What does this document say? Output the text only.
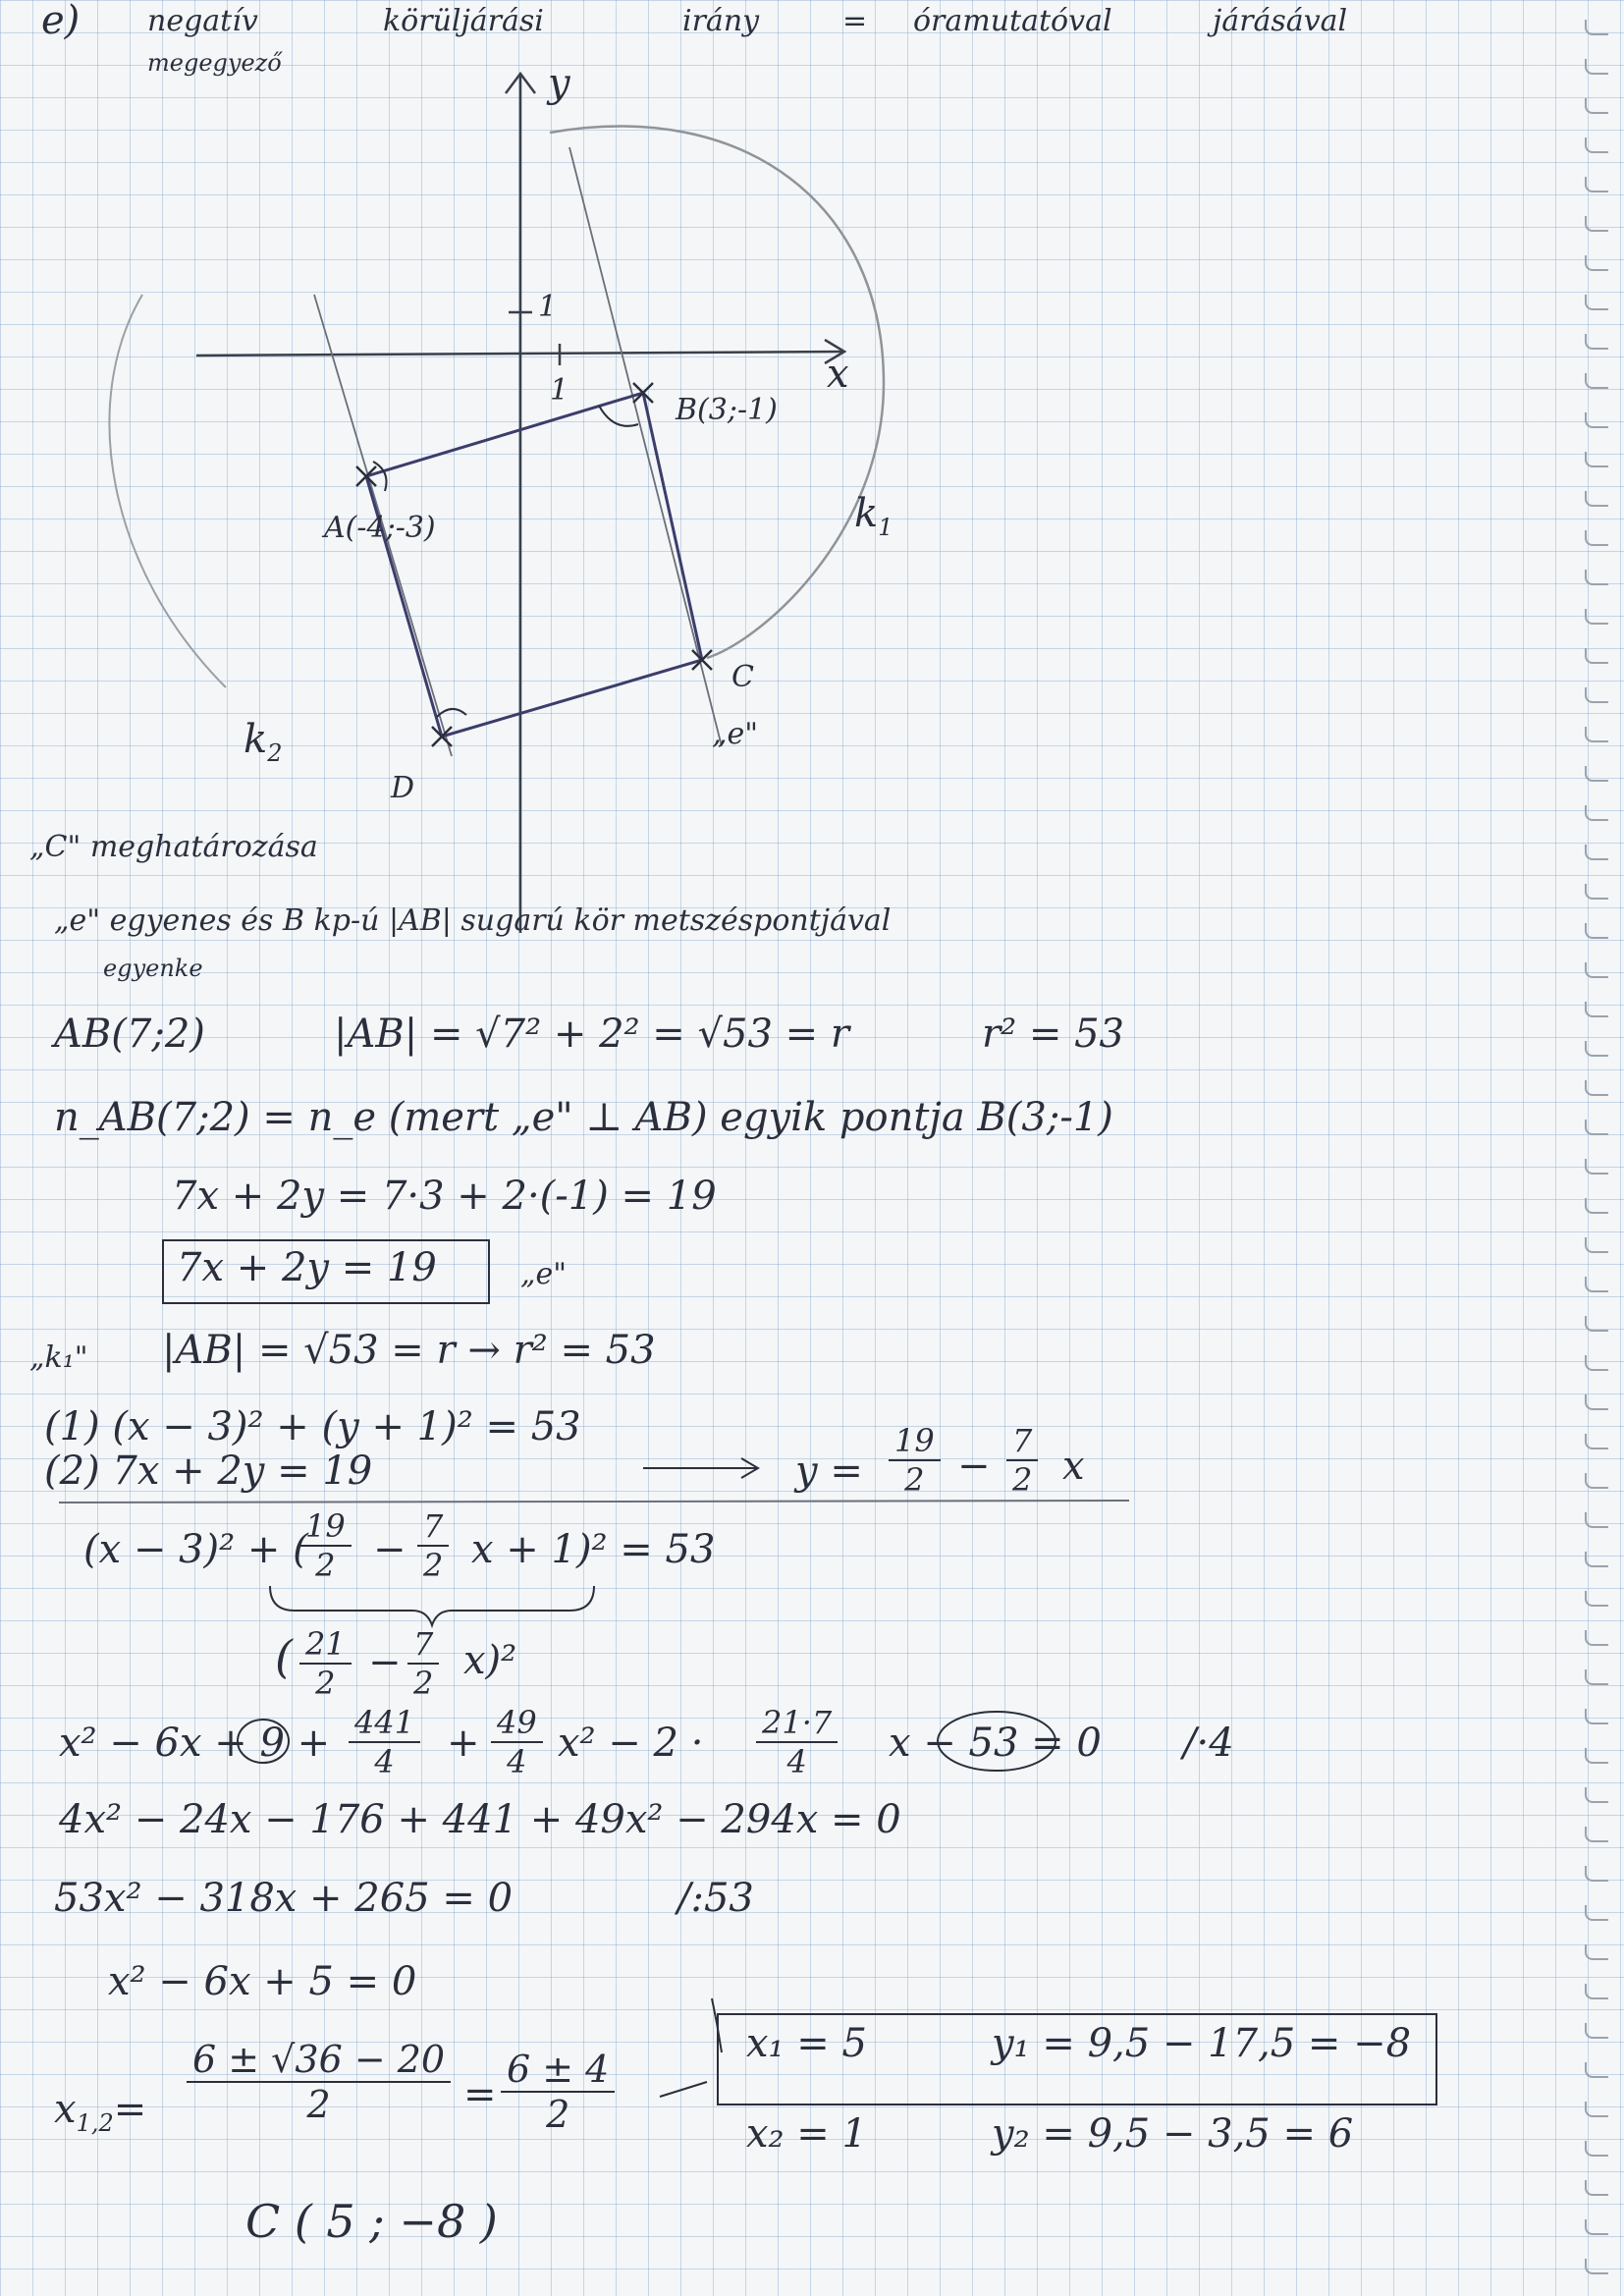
e) negatív	körüljárási	irány	= óramutatóval	járásával
megegyező	y
x
1
1
A(-4;-3)
B(3;-1)
C
D
$k_1$
$k_2$
„e"
„C" meghatározása
„e" egyenes és B kp-ú |AB| sugarú kör metszéspontjával
egyenke
AB(7;2)	|AB| = √7² + 2² = √53 = r	r² = 53
n_AB(7;2) = n_e (mert „e" ⊥ AB) egyik pontja B(3;-1)
7x + 2y = 7·3 + 2·(-1) = 19
7x + 2y = 19	„e"
„k₁" |AB| = √53 = r → r² = 53
(1) (x − 3)² + (y + 1)² = 53
(2) 7x + 2y = 19	$y = \frac{19}{2} - \frac{7}{2}$ x
(x − 3)² + (
$\frac{19}{2} - \frac{7}{2}$ x + 1)² = 53
( $\frac{21}{2} - \frac{7}{2} x)^2$
$x^2 - 6x + 9 + \frac{441}{4} + \frac{49}{4} x^2 - 2 \cdot \frac{21\cdot 7}{4}$ x − 53 = 0 /·4
4x² − 24x − 176 + 441 + 49x² − 294x = 0
53x² − 318x + 265 = 0	/:53
x² − 6x + 5 = 0
$x_{1,2}= \frac{6 \pm √36 - 20}{2} = \frac{6 \pm 4}{2}$
x₁ = 5	y₁ = 9,5 − 17,5 = −8
x₂ = 1	y₂ = 9,5 − 3,5 = 6
C ( 5 ; −8 )
